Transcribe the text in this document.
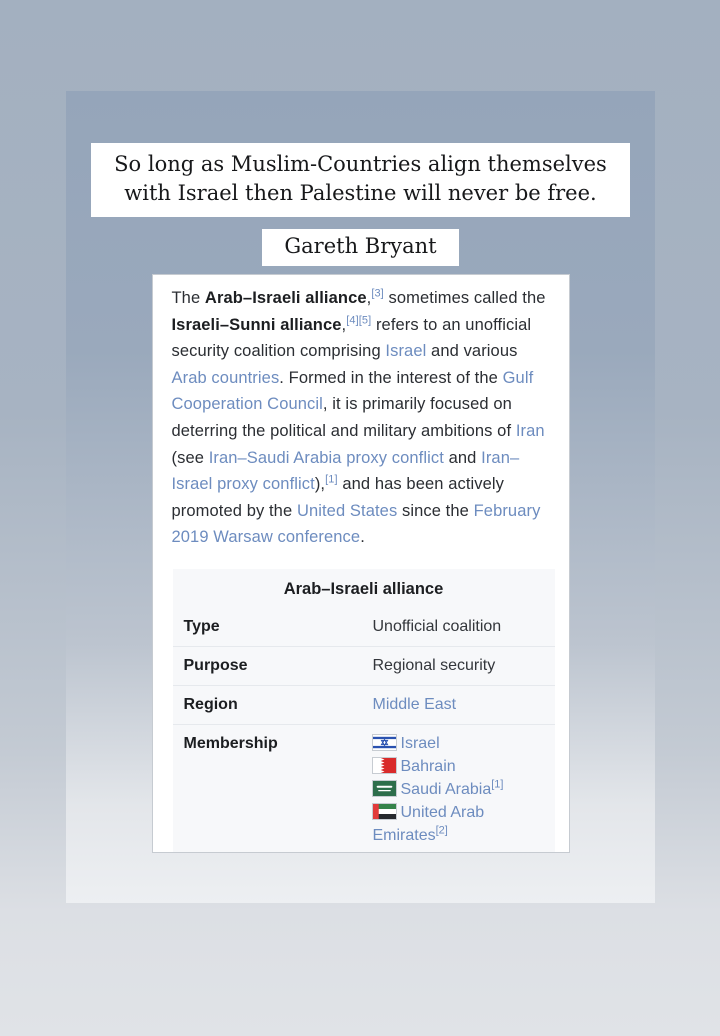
So long as Muslim-Countries align themselves
with Israel then Palestine will never be free.
Gareth Bryant

The Arab–Israeli alliance,[3] sometimes called the Israeli–Sunni alliance,[4][5] refers to an unofficial security coalition comprising Israel and various Arab countries. Formed in the interest of the Gulf Cooperation Council, it is primarily focused on deterring the political and military ambitions of Iran (see Iran–Saudi Arabia proxy conflict and Iran–Israel proxy conflict),[1] and has been actively promoted by the United States since the February 2019 Warsaw conference.

Arab–Israeli alliance
Type	Unofficial coalition
Purpose	Regional security
Region	Middle East
Membership	Israel
Bahrain
Saudi Arabia[1]
United Arab Emirates[2]
